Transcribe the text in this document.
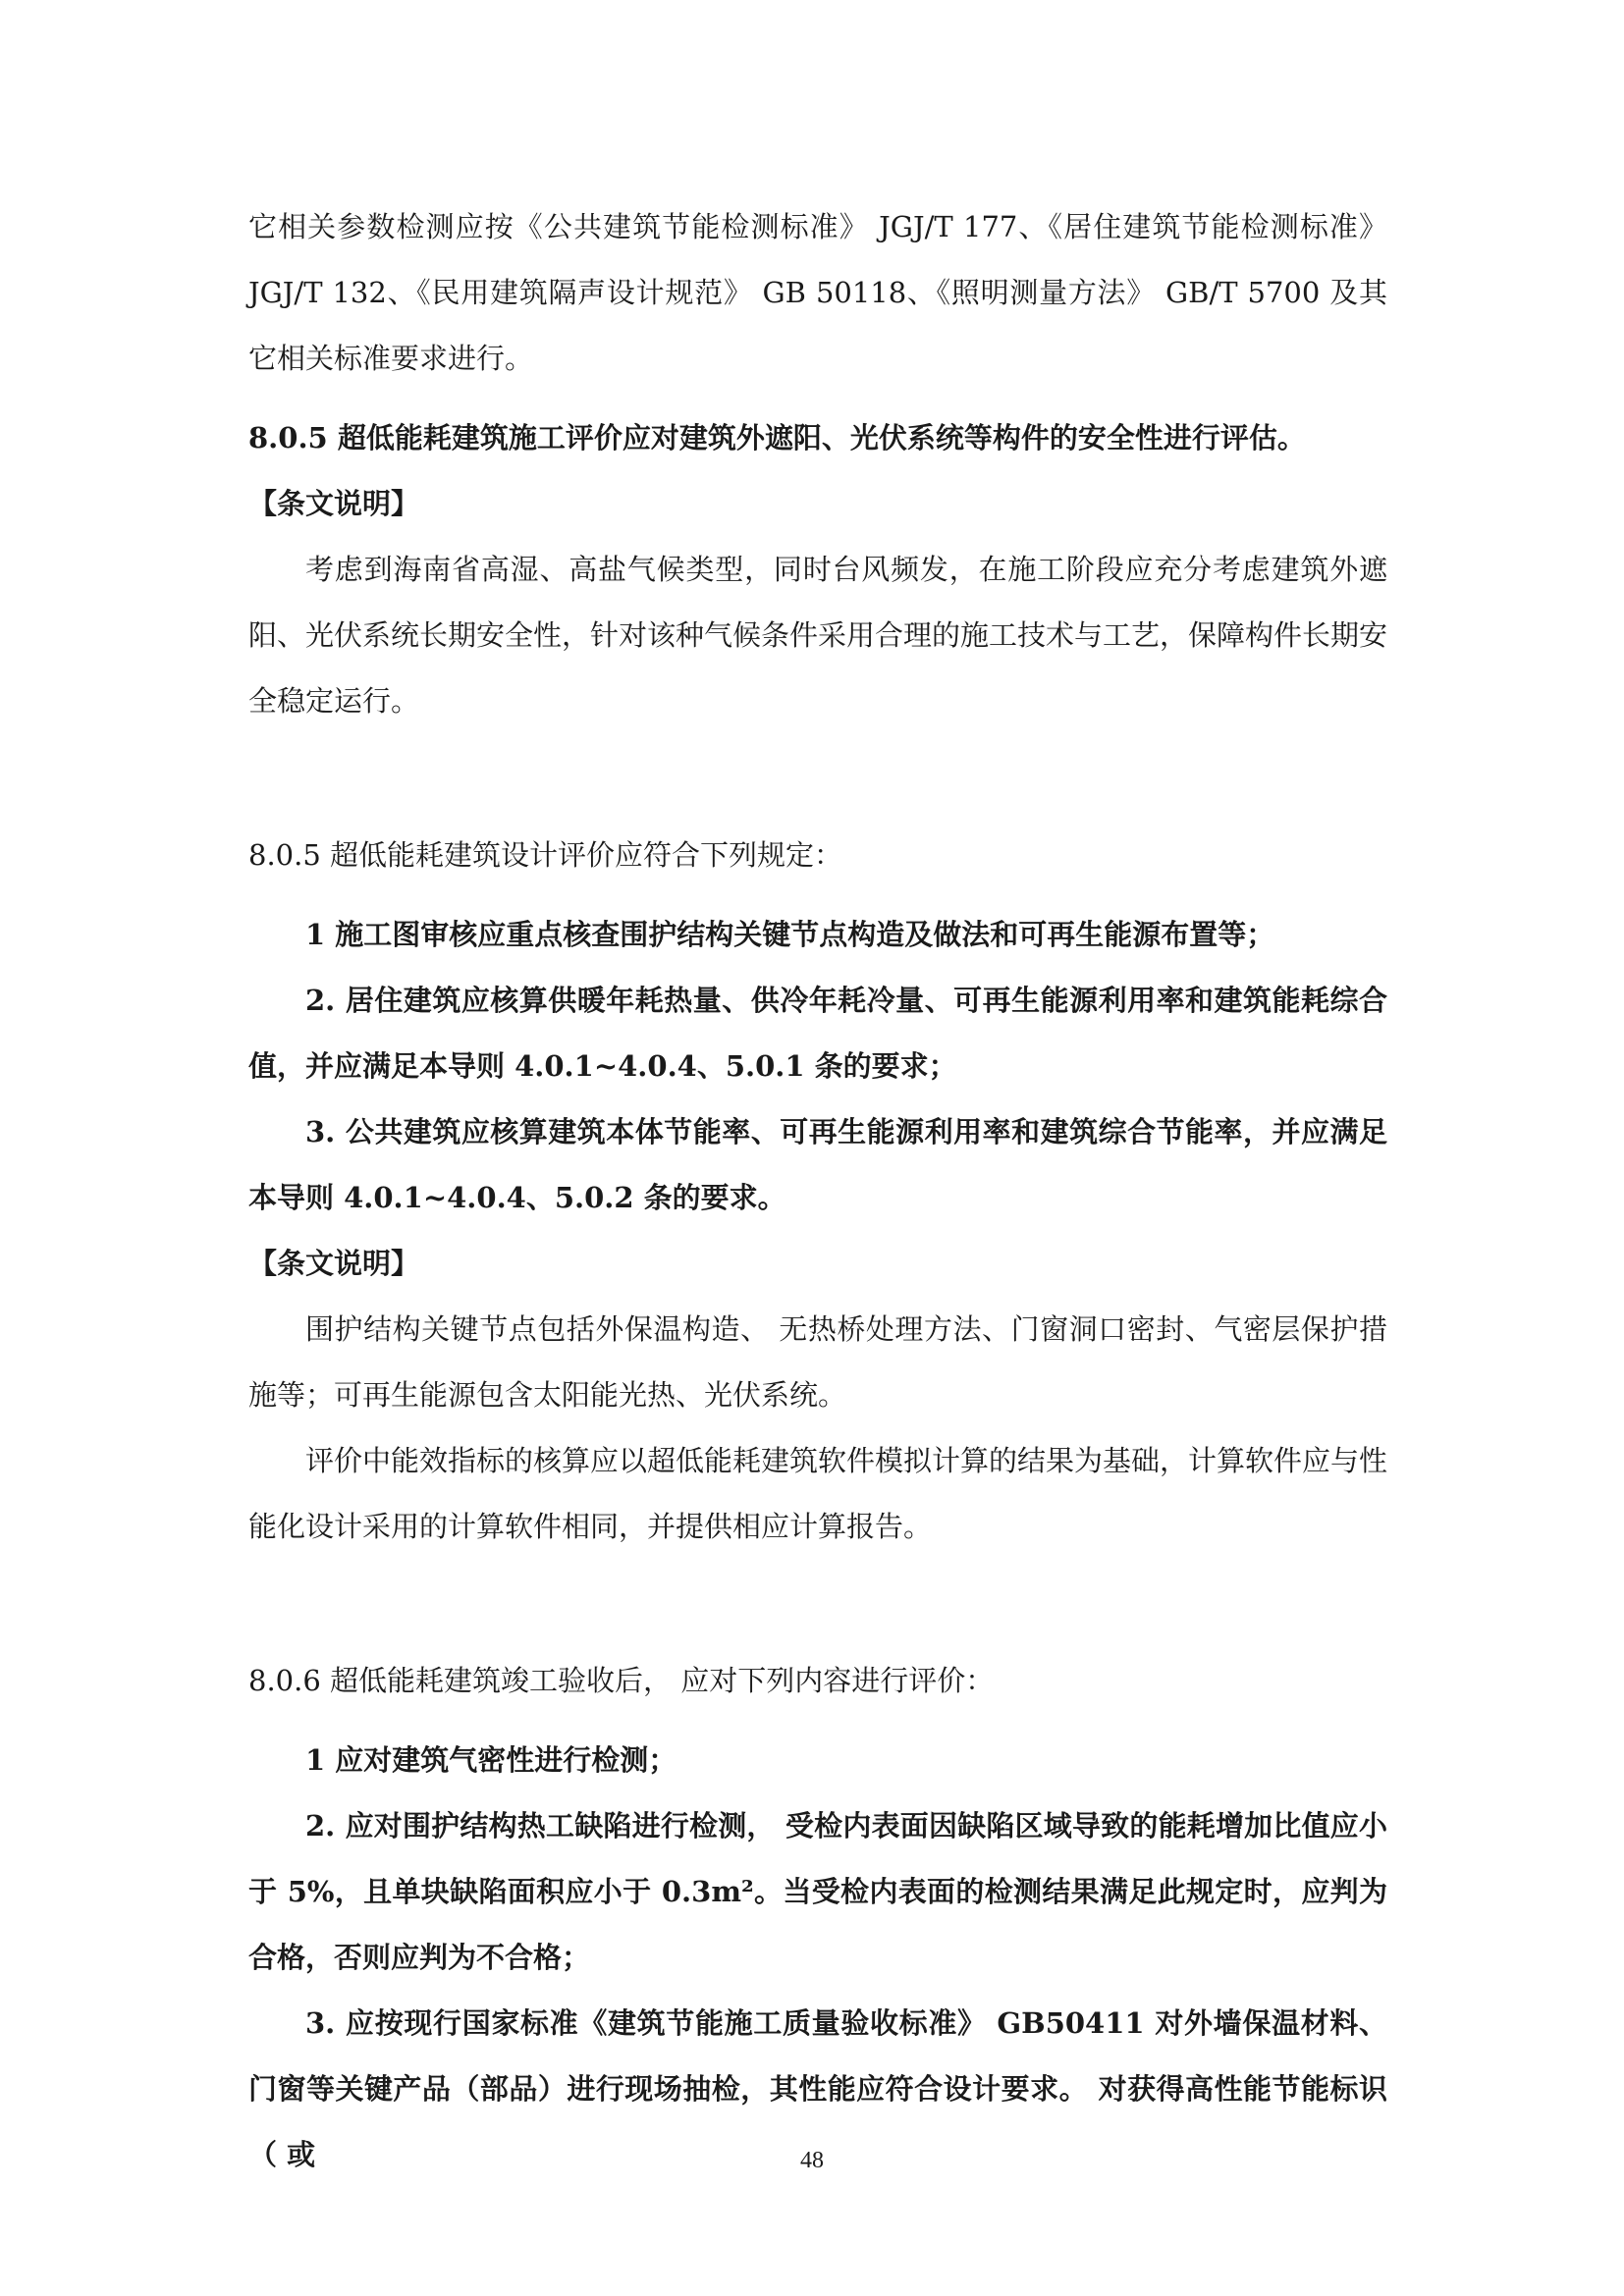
它相关参数检测应按《公共建筑节能检测标准》 JGJ/T 177、《居住建筑节能检测标准》 JGJ/T 132、《民用建筑隔声设计规范》 GB 50118、《照明测量方法》 GB/T 5700 及其它相关标准要求进行。

8.0.5 超低能耗建筑施工评价应对建筑外遮阳、光伏系统等构件的安全性进行评估。

【条文说明】

考虑到海南省高湿、高盐气候类型，同时台风频发，在施工阶段应充分考虑建筑外遮阳、光伏系统长期安全性，针对该种气候条件采用合理的施工技术与工艺，保障构件长期安全稳定运行。

8.0.5 超低能耗建筑设计评价应符合下列规定：

1 施工图审核应重点核查围护结构关键节点构造及做法和可再生能源布置等；

2. 居住建筑应核算供暖年耗热量、供冷年耗冷量、可再生能源利用率和建筑能耗综合值，并应满足本导则 4.0.1~4.0.4、5.0.1 条的要求；

3. 公共建筑应核算建筑本体节能率、可再生能源利用率和建筑综合节能率，并应满足本导则 4.0.1~4.0.4、5.0.2 条的要求。

【条文说明】

围护结构关键节点包括外保温构造、 无热桥处理方法、门窗洞口密封、气密层保护措施等；可再生能源包含太阳能光热、光伏系统。

评价中能效指标的核算应以超低能耗建筑软件模拟计算的结果为基础，计算软件应与性能化设计采用的计算软件相同，并提供相应计算报告。

8.0.6 超低能耗建筑竣工验收后， 应对下列内容进行评价：

1 应对建筑气密性进行检测；

2. 应对围护结构热工缺陷进行检测， 受检内表面因缺陷区域导致的能耗增加比值应小于 5%，且单块缺陷面积应小于 0.3m²。当受检内表面的检测结果满足此规定时，应判为合格，否则应判为不合格；

3. 应按现行国家标准《建筑节能施工质量验收标准》 GB50411 对外墙保温材料、门窗等关键产品（部品）进行现场抽检，其性能应符合设计要求。 对获得高性能节能标识（ 或	48
